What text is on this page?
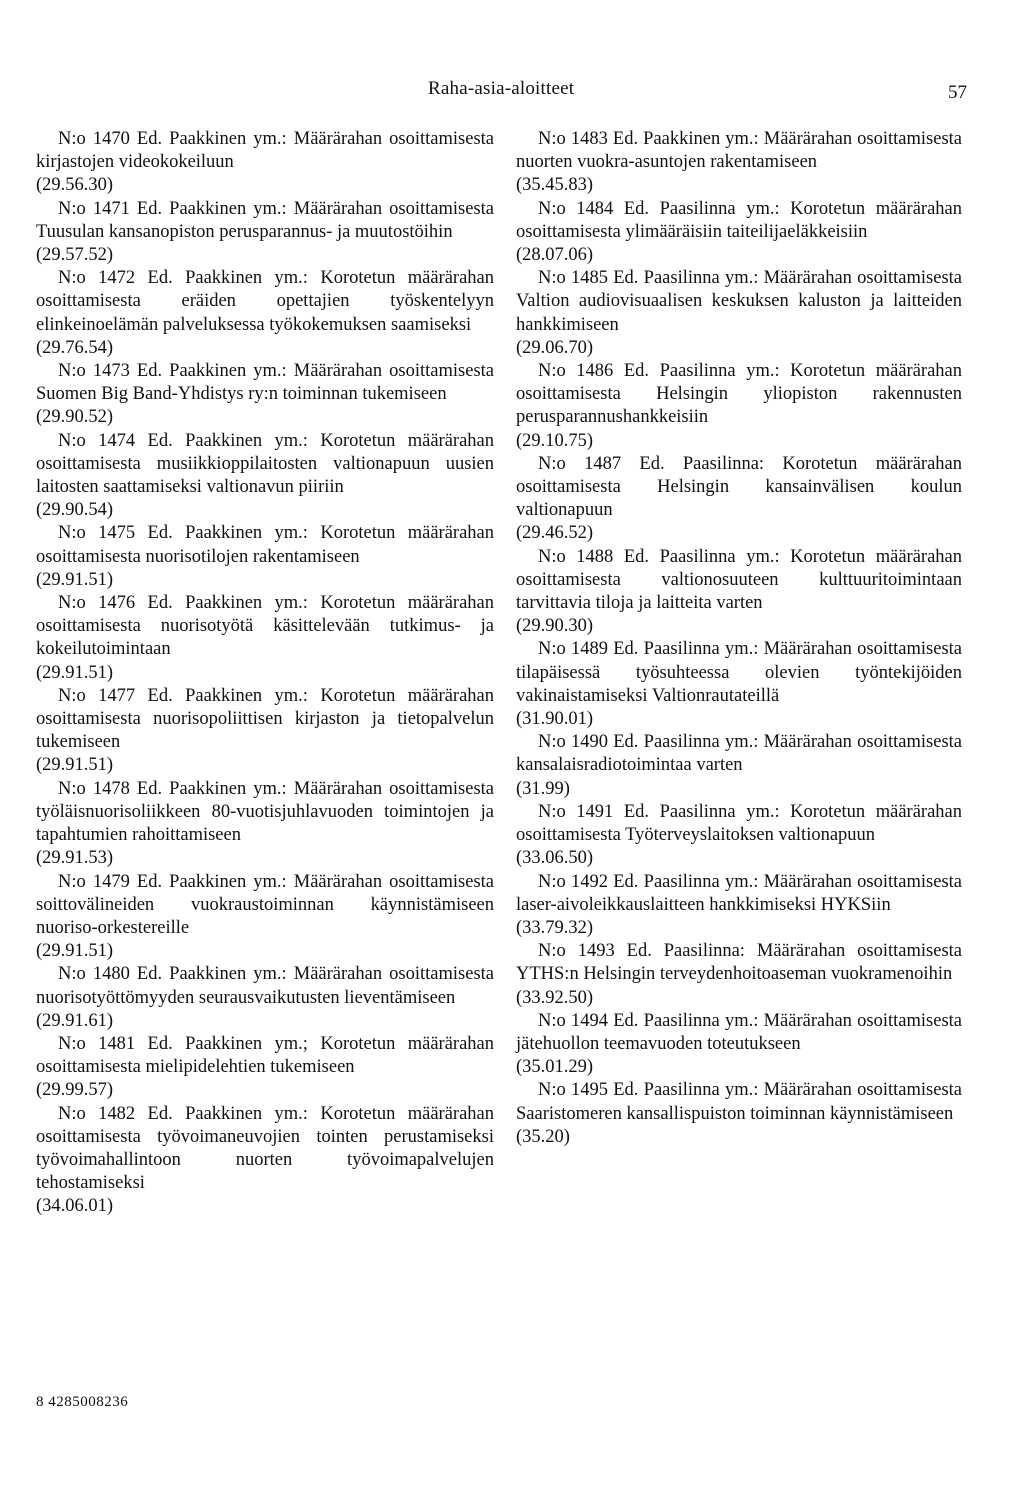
Raha-asia-aloitteet	57

N:o 1470 Ed. Paakkinen ym.: Määrärahan osoittamisesta kirjastojen videokokeiluun

(29.56.30)

N:o 1471 Ed. Paakkinen ym.: Määrärahan osoittamisesta Tuusulan kansanopiston perusparannus- ja muutostöihin

(29.57.52)

N:o 1472 Ed. Paakkinen ym.: Korotetun määrärahan osoittamisesta eräiden opettajien työskentelyyn elinkeinoelämän palveluksessa työkokemuksen saamiseksi

(29.76.54)

N:o 1473 Ed. Paakkinen ym.: Määrärahan osoittamisesta Suomen Big Band-Yhdistys ry:n toiminnan tukemiseen

(29.90.52)

N:o 1474 Ed. Paakkinen ym.: Korotetun määrärahan osoittamisesta musiikkioppilaitosten valtionapuun uusien laitosten saattamiseksi valtionavun piiriin

(29.90.54)

N:o 1475 Ed. Paakkinen ym.: Korotetun määrärahan osoittamisesta nuorisotilojen rakentamiseen

(29.91.51)

N:o 1476 Ed. Paakkinen ym.: Korotetun määrärahan osoittamisesta nuorisotyötä käsittelevään tutkimus- ja kokeilutoimintaan

(29.91.51)

N:o 1477 Ed. Paakkinen ym.: Korotetun määrärahan osoittamisesta nuorisopoliittisen kirjaston ja tietopalvelun tukemiseen

(29.91.51)

N:o 1478 Ed. Paakkinen ym.: Määrärahan osoittamisesta työläisnuorisoliikkeen 80-vuotisjuhlavuoden toimintojen ja tapahtumien rahoittamiseen

(29.91.53)

N:o 1479 Ed. Paakkinen ym.: Määrärahan osoittamisesta soittovälineiden vuokraustoiminnan käynnistämiseen nuoriso-orkestereille

(29.91.51)

N:o 1480 Ed. Paakkinen ym.: Määrärahan osoittamisesta nuorisotyöttömyyden seurausvaikutusten lieventämiseen

(29.91.61)

N:o 1481 Ed. Paakkinen ym.; Korotetun määrärahan osoittamisesta mielipidelehtien tukemiseen

(29.99.57)

N:o 1482 Ed. Paakkinen ym.: Korotetun määrärahan osoittamisesta työvoimaneuvojien tointen perustamiseksi työvoimahallintoon nuorten työvoimapalvelujen tehostamiseksi

(34.06.01)

N:o 1483 Ed. Paakkinen ym.: Määrärahan osoittamisesta nuorten vuokra-asuntojen rakentamiseen

(35.45.83)

N:o 1484 Ed. Paasilinna ym.: Korotetun määrärahan osoittamisesta ylimääräisiin taiteilijaeläkkeisiin

(28.07.06)

N:o 1485 Ed. Paasilinna ym.: Määrärahan osoittamisesta Valtion audiovisuaalisen keskuksen kaluston ja laitteiden hankkimiseen

(29.06.70)

N:o 1486 Ed. Paasilinna ym.: Korotetun määrärahan osoittamisesta Helsingin yliopiston rakennusten perusparannushankkeisiin

(29.10.75)

N:o 1487 Ed. Paasilinna: Korotetun määrärahan osoittamisesta Helsingin kansainvälisen koulun valtionapuun

(29.46.52)

N:o 1488 Ed. Paasilinna ym.: Korotetun määrärahan osoittamisesta valtionosuuteen kulttuuritoimintaan tarvittavia tiloja ja laitteita varten

(29.90.30)

N:o 1489 Ed. Paasilinna ym.: Määrärahan osoittamisesta tilapäisessä työsuhteessa olevien työntekijöiden vakinaistamiseksi Valtionrautateillä

(31.90.01)

N:o 1490 Ed. Paasilinna ym.: Määrärahan osoittamisesta kansalaisradiotoimintaa varten

(31.99)

N:o 1491 Ed. Paasilinna ym.: Korotetun määrärahan osoittamisesta Työterveyslaitoksen valtionapuun

(33.06.50)

N:o 1492 Ed. Paasilinna ym.: Määrärahan osoittamisesta laser-aivoleikkauslaitteen hankkimiseksi HYKSiin

(33.79.32)

N:o 1493 Ed. Paasilinna: Määrärahan osoittamisesta YTHS:n Helsingin terveydenhoitoaseman vuokramenoihin

(33.92.50)

N:o 1494 Ed. Paasilinna ym.: Määrärahan osoittamisesta jätehuollon teemavuoden toteutukseen

(35.01.29)

N:o 1495 Ed. Paasilinna ym.: Määrärahan osoittamisesta Saaristomeren kansallispuiston toiminnan käynnistämiseen

(35.20)

8 4285008236
